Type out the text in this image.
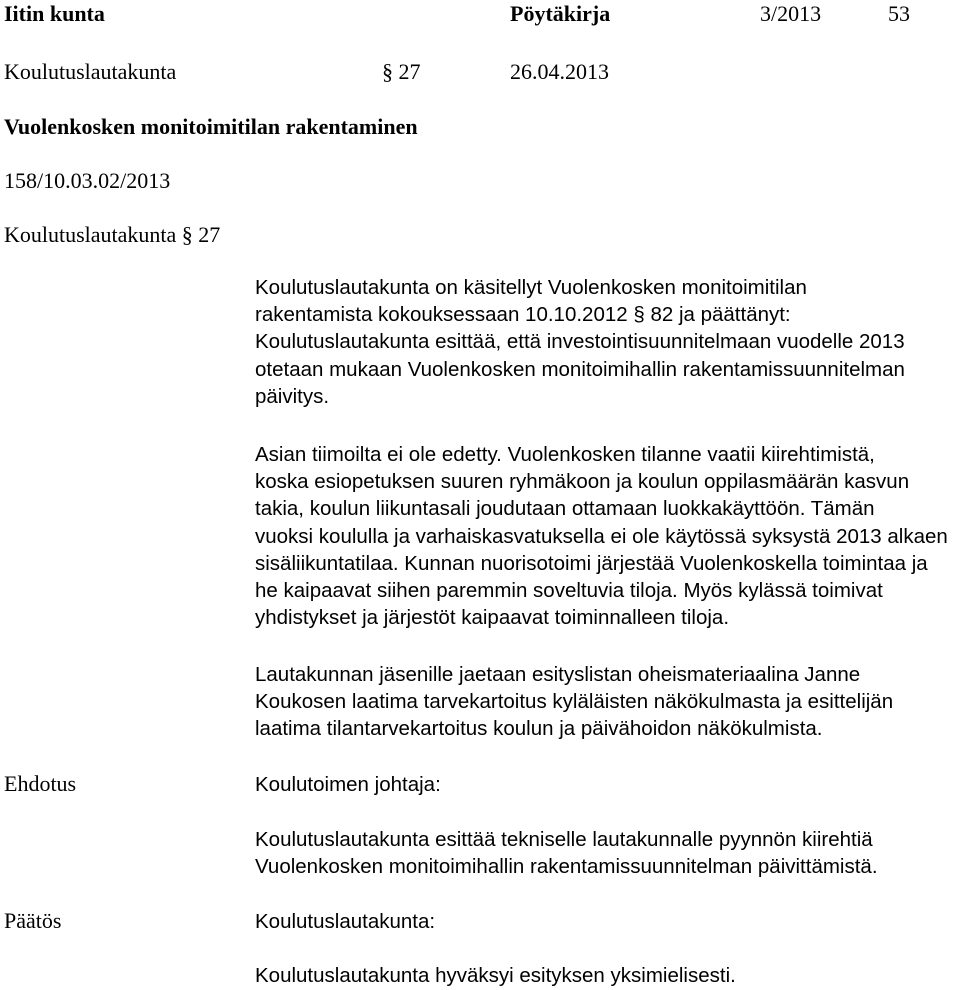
Iitin kunta	Pöytäkirja	3/2013	53
Koulutuslautakunta	§ 27	26.04.2013
Vuolenkosken monitoimitilan rakentaminen
158/10.03.02/2013
Koulutuslautakunta § 27
Koulutuslautakunta on käsitellyt Vuolenkosken monitoimitilan
rakentamista kokouksessaan 10.10.2012 § 82 ja päättänyt:
Koulutuslautakunta esittää, että investointisuunnitelmaan vuodelle 2013
otetaan mukaan Vuolenkosken monitoimihallin rakentamissuunnitelman
päivitys.
Asian tiimoilta ei ole edetty. Vuolenkosken tilanne vaatii kiirehtimistä,
koska esiopetuksen suuren ryhmäkoon ja koulun oppilasmäärän kasvun
takia, koulun liikuntasali joudutaan ottamaan luokkakäyttöön. Tämän
vuoksi koululla ja varhaiskasvatuksella ei ole käytössä syksystä 2013 alkaen
sisäliikuntatilaa. Kunnan nuorisotoimi järjestää Vuolenkoskella toimintaa ja
he kaipaavat siihen paremmin soveltuvia tiloja. Myös kylässä toimivat
yhdistykset ja järjestöt kaipaavat toiminnalleen tiloja.
Lautakunnan jäsenille jaetaan esityslistan oheismateriaalina Janne
Koukosen laatima tarvekartoitus kyläläisten näkökulmasta ja esittelijän
laatima tilantarvekartoitus koulun ja päivähoidon näkökulmista.
Ehdotus	Koulutoimen johtaja:
Koulutuslautakunta esittää tekniselle lautakunnalle pyynnön kiirehtiä
Vuolenkosken monitoimihallin rakentamissuunnitelman päivittämistä.
Päätös	Koulutuslautakunta:
Koulutuslautakunta hyväksyi esityksen yksimielisesti.
